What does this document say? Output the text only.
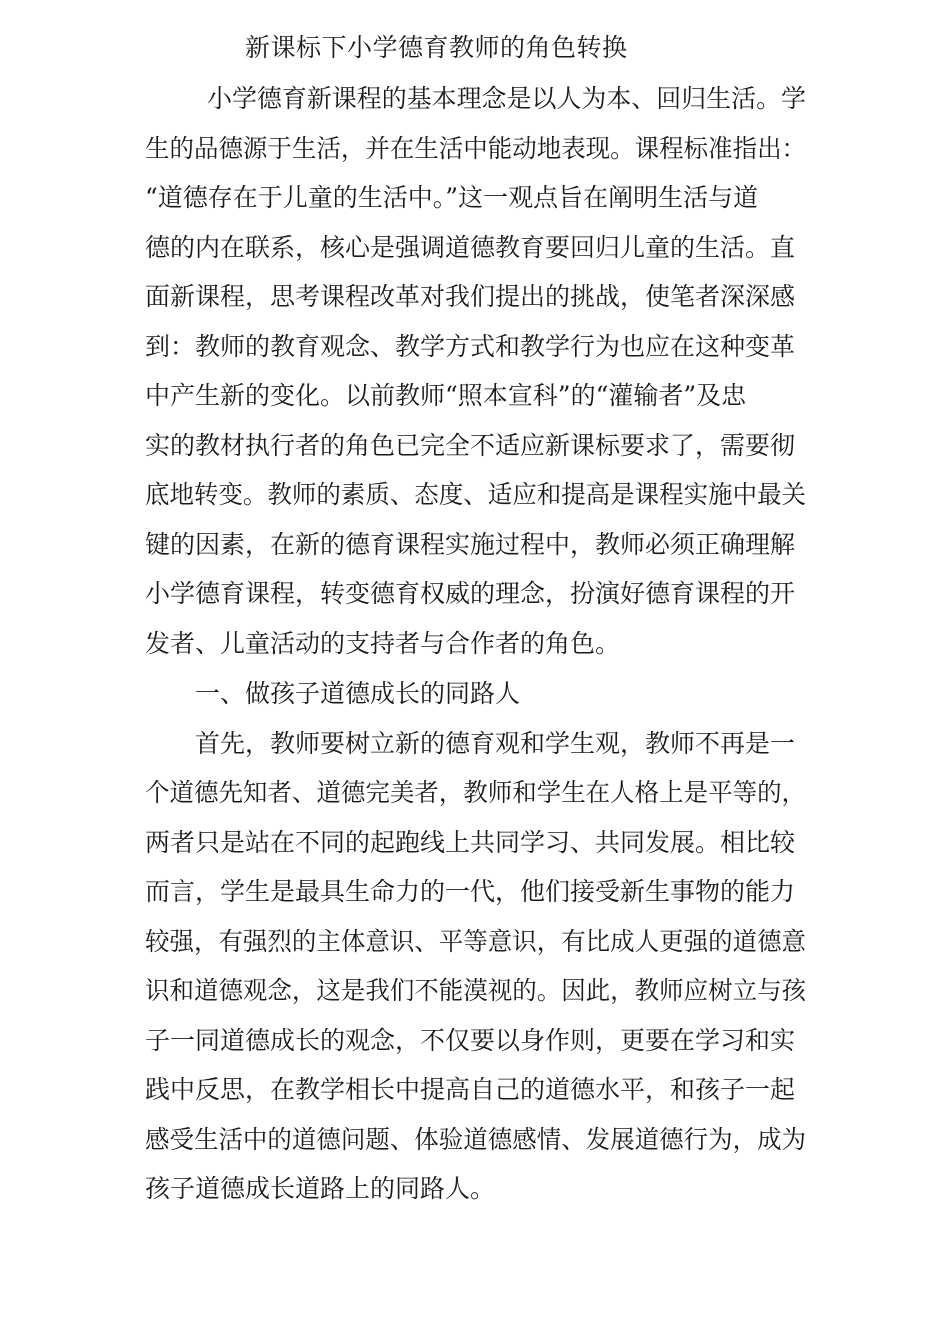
新课标下小学德育教师的角色转换

小学德育新课程的基本理念是以人为本、回归生活。学

生的品德源于生活，并在生活中能动地表现。课程标准指出：

“道德存在于儿童的生活中。”这一观点旨在阐明生活与道

德的内在联系，核心是强调道德教育要回归儿童的生活。直

面新课程，思考课程改革对我们提出的挑战，使笔者深深感

到：教师的教育观念、教学方式和教学行为也应在这种变革

中产生新的变化。以前教师“照本宣科”的“灌输者”及忠

实的教材执行者的角色已完全不适应新课标要求了，需要彻

底地转变。教师的素质、态度、适应和提高是课程实施中最关

键的因素，在新的德育课程实施过程中，教师必须正确理解

小学德育课程，转变德育权威的理念，扮演好德育课程的开

发者、儿童活动的支持者与合作者的角色。

一、做孩子道德成长的同路人

首先，教师要树立新的德育观和学生观，教师不再是一

个道德先知者、道德完美者，教师和学生在人格上是平等的，

两者只是站在不同的起跑线上共同学习、共同发展。相比较

而言，学生是最具生命力的一代，他们接受新生事物的能力

较强，有强烈的主体意识、平等意识，有比成人更强的道德意

识和道德观念，这是我们不能漠视的。因此，教师应树立与孩

子一同道德成长的观念，不仅要以身作则，更要在学习和实

践中反思，在教学相长中提高自己的道德水平，和孩子一起

感受生活中的道德问题、体验道德感情、发展道德行为，成为

孩子道德成长道路上的同路人。
